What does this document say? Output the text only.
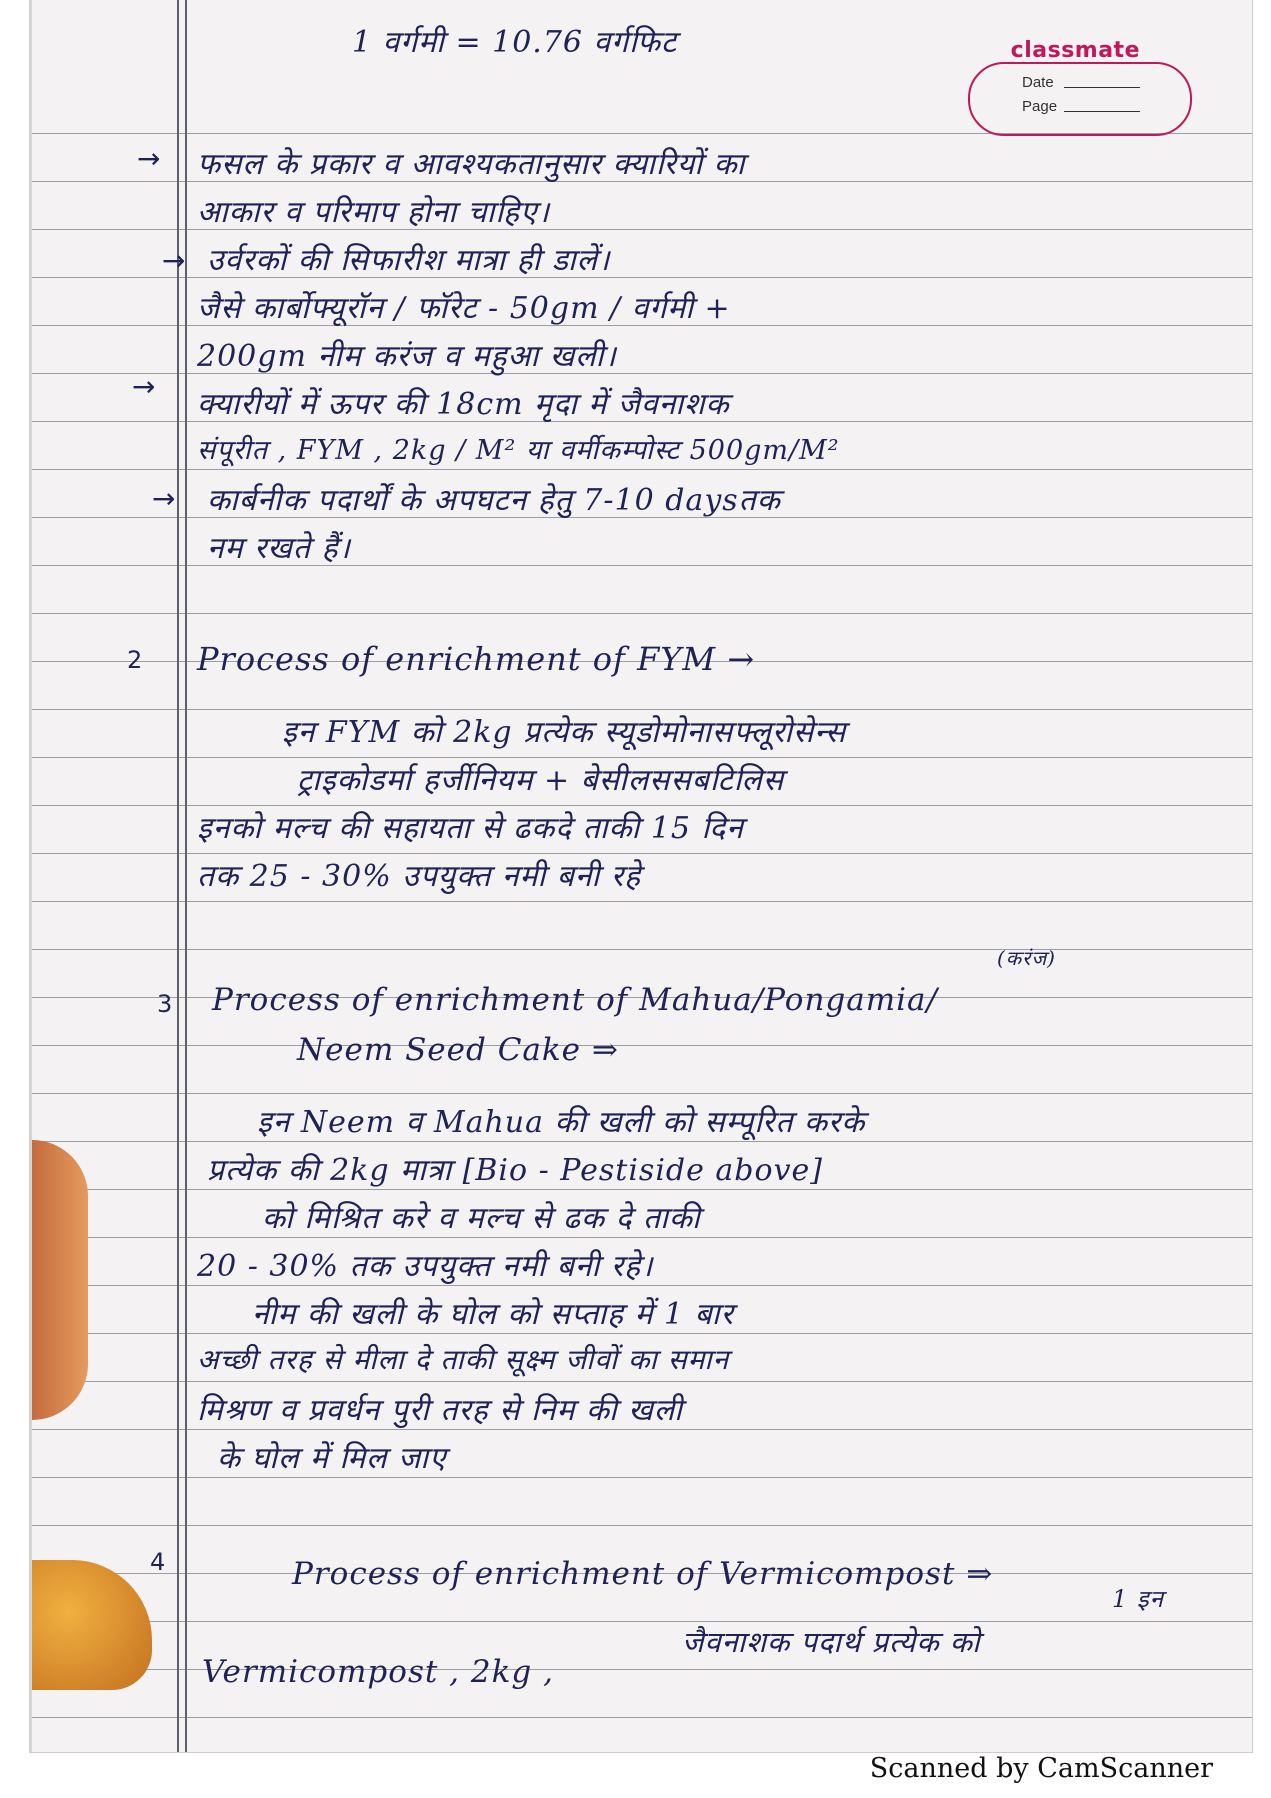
classmate
Date
Page
1 वर्गमी = 10.76 वर्गफिट
→
→
→
→
फसल के प्रकार व आवश्यकतानुसार क्यारियों का
आकार व परिमाप होना चाहिए।
उर्वरकों की सिफारीश मात्रा ही डालें।
जैसे कार्बोफ्यूरॉन / फॉरेट - 50gm / वर्गमी +
200gm नीम करंज व महुआ खली।
क्यारीयों में ऊपर की 18cm मृदा में जैवनाशक
संपूरीत , FYM , 2kg / M² या वर्मीकम्पोस्ट 500gm/M²
कार्बनीक पदार्थों के अपघटन हेतु 7-10 daysतक
नम रखते हैं।
2 Process of enrichment of FYM →
इन FYM को 2kg प्रत्येक स्यूडोमोनासफ्लूरोसेन्स
ट्राइकोडर्मा हर्जीनियम + बेसीलससबटिलिस
इनको मल्च की सहायता से ढकदे ताकी 15 दिन
तक 25 - 30% उपयुक्त नमी बनी रहे
(करंज)
3 Process of enrichment of Mahua/Pongamia/
Neem Seed Cake ⇒
इन Neem व Mahua की खली को सम्पूरित करके
प्रत्येक की 2kg मात्रा [Bio - Pestiside above]
को मिश्रित करे व मल्च से ढक दे ताकी
20 - 30% तक उपयुक्त नमी बनी रहे।
नीम की खली के घोल को सप्ताह में 1 बार
अच्छी तरह से मीला दे ताकी सूक्ष्म जीवों का समान
मिश्रण व प्रवर्धन पुरी तरह से निम की खली
के घोल में मिल जाए
4	Process of enrichment of Vermicompost ⇒
1 इन
जैवनाशक पदार्थ प्रत्येक को
Vermicompost , 2kg ,
Scanned by CamScanner
